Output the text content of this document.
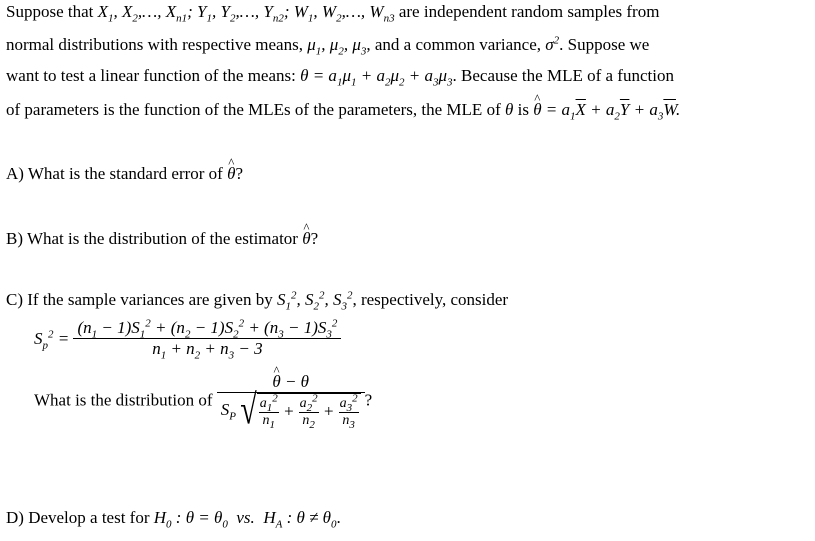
Suppose that $X_1$, $X_2,\dots$, $X_{n1}$; $Y_1$, $Y_2,\dots$, $Y_{n2}$; $W_1$, $W_2,\dots$, $W_{n3}$ are independent random samples from
normal distributions with respective means, $\mu_1$, $\mu_2$, $\mu_3$, and a common variance, $\sigma^2$. Suppose we
want to test a linear function of the means: $\theta = a_1\mu_1 + a_2\mu_2 + a_3\mu_3$. Because the MLE of a function
of parameters is the function of the MLEs of the parameters, the MLE of θ is ^ $\theta = a_1\overline{X} + a_2\overline{Y} + a_3\overline{W}$.
A) What is the standard error of ^ θ?
B) What is the distribution of the estimator ^ θ?
C) If the sample variances are given by $S_1^2$, $S_2^2$, $S_3^2$, respectively, consider
$S_p^2 = \frac{(n_1 - 1)S_1^2 + (n_2 - 1)S_2^2 + (n_3 - 1)S_3^2}{n_1 + n_2 + n_3 - 3}$
What is the distribution of ^ $\frac{\theta - \theta}{S_P √ \frac{a_1^2}{n_1} + \frac{a_2^2}{n_2} + \frac{a_3^2}{n_3}}$ ?
D) Develop a test for $H_0$ : $\theta = \theta_0$ vs. $H_A$ : $\theta \ne \theta_0$.
